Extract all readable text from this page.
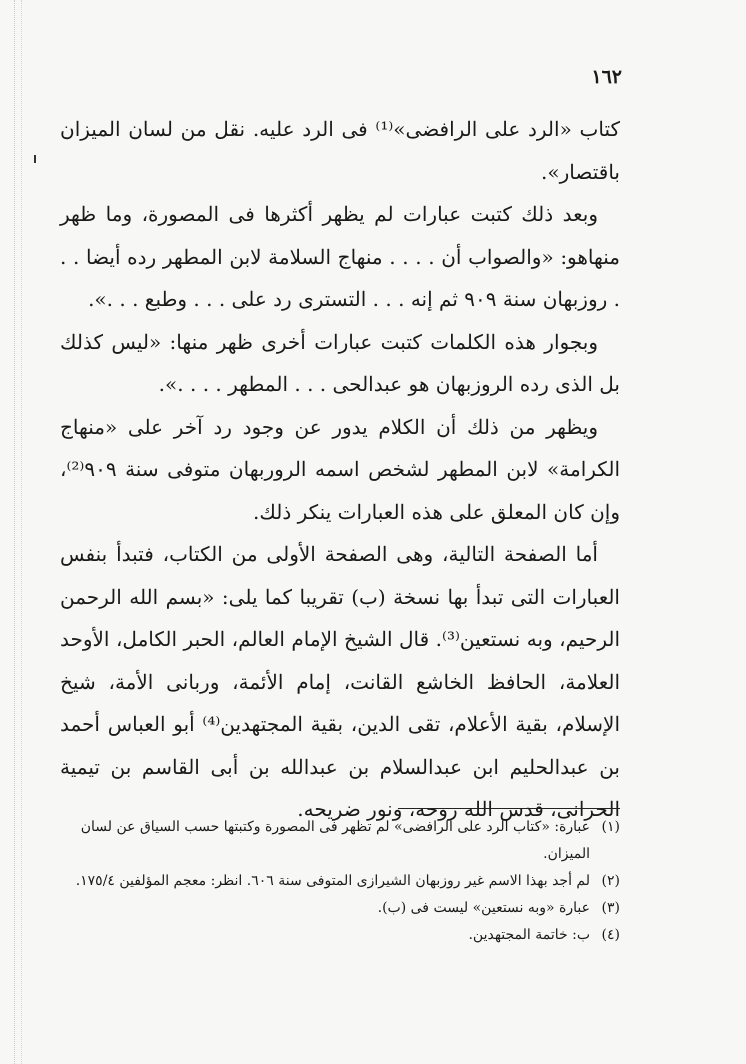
١٦٢

كتاب «الرد على الرافضى»⁽¹⁾ فى الرد عليه. نقل من لسان الميزان باقتصار».

وبعد ذلك كتبت عبارات لم يظهر أكثرها فى المصورة، وما ظهر منهاهو: «والصواب أن . . . . منهاج السلامة لابن المطهر رده أيضا . . . روزبهان سنة ٩٠٩ ثم إنه . . . التسترى رد على . . . وطبع . . .».

وبجوار هذه الكلمات كتبت عبارات أخرى ظهر منها: «ليس كذلك بل الذى رده الروزبهان هو عبدالحى . . . المطهر . . . .».

ويظهر من ذلك أن الكلام يدور عن وجود رد آخر على «منهاج الكرامة» لابن المطهر لشخص اسمه الروربهان متوفى سنة ٩٠٩⁽²⁾، وإن كان المعلق على هذه العبارات ينكر ذلك.

أما الصفحة التالية، وهى الصفحة الأولى من الكتاب، فتبدأ بنفس العبارات التى تبدأ بها نسخة (ب) تقريبا كما يلى: «بسم الله الرحمن الرحيم، وبه نستعين⁽³⁾. قال الشيخ الإمام العالم، الحبر الكامل، الأوحد العلامة، الحافظ الخاشع القانت، إمام الأئمة، وربانى الأمة، شيخ الإسلام، بقية الأعلام، تقى الدين، بقية المجتهدين⁽⁴⁾ أبو العباس أحمد بن عبدالحليم ابن عبدالسلام بن عبدالله بن أبى القاسم بن تيمية الحرانى، قدس الله روحه، ونور ضريحه.

(١)
عبارة: «كتاب الرد على الرافضى» لم تظهر فى المصورة وكتبتها حسب السياق عن لسان الميزان.
(٢)
لم أجد بهذا الاسم غير روزبهان الشيرازى المتوفى سنة ٦٠٦. انظر: معجم المؤلفين ١٧٥/٤.
(٣)
عبارة «وبه نستعين» ليست فى (ب).
(٤)
ب: خاتمة المجتهدين.
